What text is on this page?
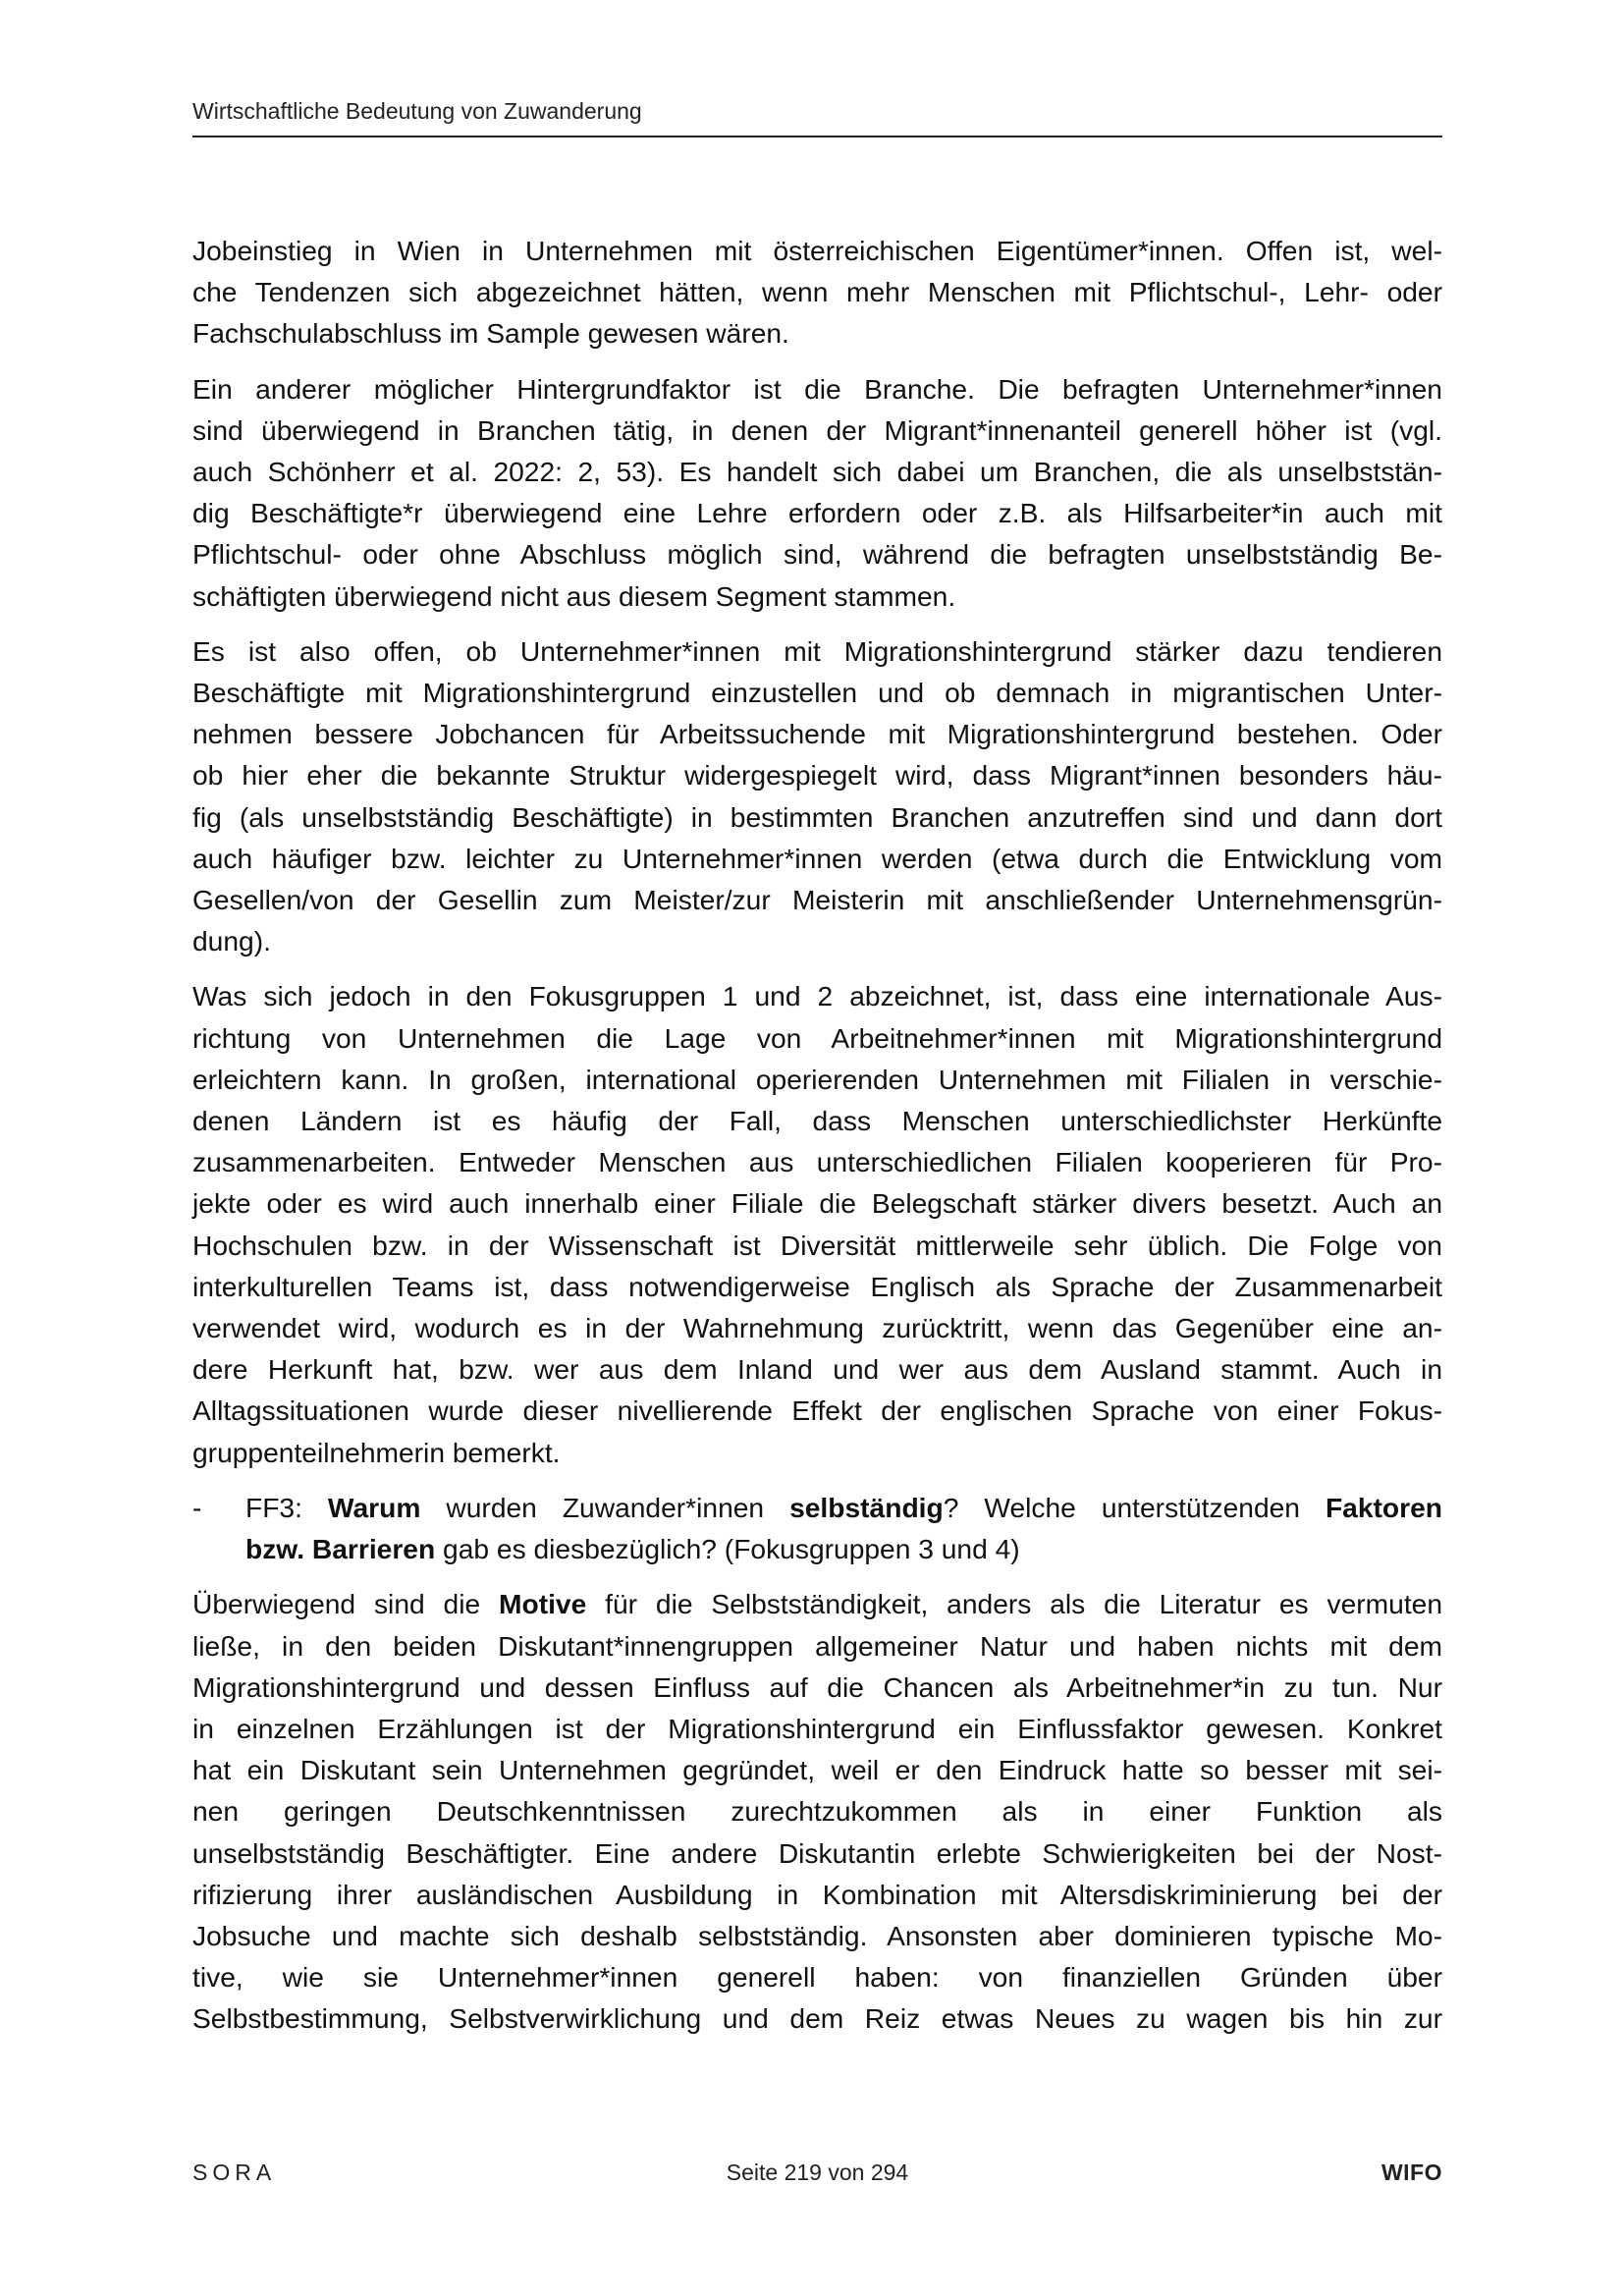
Wirtschaftliche Bedeutung von Zuwanderung

Jobeinstieg in Wien in Unternehmen mit österreichischen Eigentümer*innen. Offen ist, wel-
che Tendenzen sich abgezeichnet hätten, wenn mehr Menschen mit Pflichtschul-, Lehr- oder
Fachschulabschluss im Sample gewesen wären.

Ein anderer möglicher Hintergrundfaktor ist die Branche. Die befragten Unternehmer*innen
sind überwiegend in Branchen tätig, in denen der Migrant*innenanteil generell höher ist (vgl.
auch Schönherr et al. 2022: 2, 53). Es handelt sich dabei um Branchen, die als unselbststän-
dig Beschäftigte*r überwiegend eine Lehre erfordern oder z.B. als Hilfsarbeiter*in auch mit
Pflichtschul- oder ohne Abschluss möglich sind, während die befragten unselbstständig Be-
schäftigten überwiegend nicht aus diesem Segment stammen.

Es ist also offen, ob Unternehmer*innen mit Migrationshintergrund stärker dazu tendieren
Beschäftigte mit Migrationshintergrund einzustellen und ob demnach in migrantischen Unter-
nehmen bessere Jobchancen für Arbeitssuchende mit Migrationshintergrund bestehen. Oder
ob hier eher die bekannte Struktur widergespiegelt wird, dass Migrant*innen besonders häu-
fig (als unselbstständig Beschäftigte) in bestimmten Branchen anzutreffen sind und dann dort
auch häufiger bzw. leichter zu Unternehmer*innen werden (etwa durch die Entwicklung vom
Gesellen/von der Gesellin zum Meister/zur Meisterin mit anschließender Unternehmensgrün-
dung).

Was sich jedoch in den Fokusgruppen 1 und 2 abzeichnet, ist, dass eine internationale Aus-
richtung von Unternehmen die Lage von Arbeitnehmer*innen mit Migrationshintergrund
erleichtern kann. In großen, international operierenden Unternehmen mit Filialen in verschie-
denen Ländern ist es häufig der Fall, dass Menschen unterschiedlichster Herkünfte
zusammenarbeiten. Entweder Menschen aus unterschiedlichen Filialen kooperieren für Pro-
jekte oder es wird auch innerhalb einer Filiale die Belegschaft stärker divers besetzt. Auch an
Hochschulen bzw. in der Wissenschaft ist Diversität mittlerweile sehr üblich. Die Folge von
interkulturellen Teams ist, dass notwendigerweise Englisch als Sprache der Zusammenarbeit
verwendet wird, wodurch es in der Wahrnehmung zurücktritt, wenn das Gegenüber eine an-
dere Herkunft hat, bzw. wer aus dem Inland und wer aus dem Ausland stammt. Auch in
Alltagssituationen wurde dieser nivellierende Effekt der englischen Sprache von einer Fokus-
gruppenteilnehmerin bemerkt.

- FF3: Warum wurden Zuwander*innen selbständig? Welche unterstützenden Faktoren
bzw. Barrieren gab es diesbezüglich? (Fokusgruppen 3 und 4)

Überwiegend sind die Motive für die Selbstständigkeit, anders als die Literatur es vermuten
ließe, in den beiden Diskutant*innengruppen allgemeiner Natur und haben nichts mit dem
Migrationshintergrund und dessen Einfluss auf die Chancen als Arbeitnehmer*in zu tun. Nur
in einzelnen Erzählungen ist der Migrationshintergrund ein Einflussfaktor gewesen. Konkret
hat ein Diskutant sein Unternehmen gegründet, weil er den Eindruck hatte so besser mit sei-
nen geringen Deutschkenntnissen zurechtzukommen als in einer Funktion als
unselbstständig Beschäftigter. Eine andere Diskutantin erlebte Schwierigkeiten bei der Nost-
rifizierung ihrer ausländischen Ausbildung in Kombination mit Altersdiskriminierung bei der
Jobsuche und machte sich deshalb selbstständig. Ansonsten aber dominieren typische Mo-
tive, wie sie Unternehmer*innen generell haben: von finanziellen Gründen über
Selbstbestimmung, Selbstverwirklichung und dem Reiz etwas Neues zu wagen bis hin zur

SORA	Seite 219 von 294	WIFO
